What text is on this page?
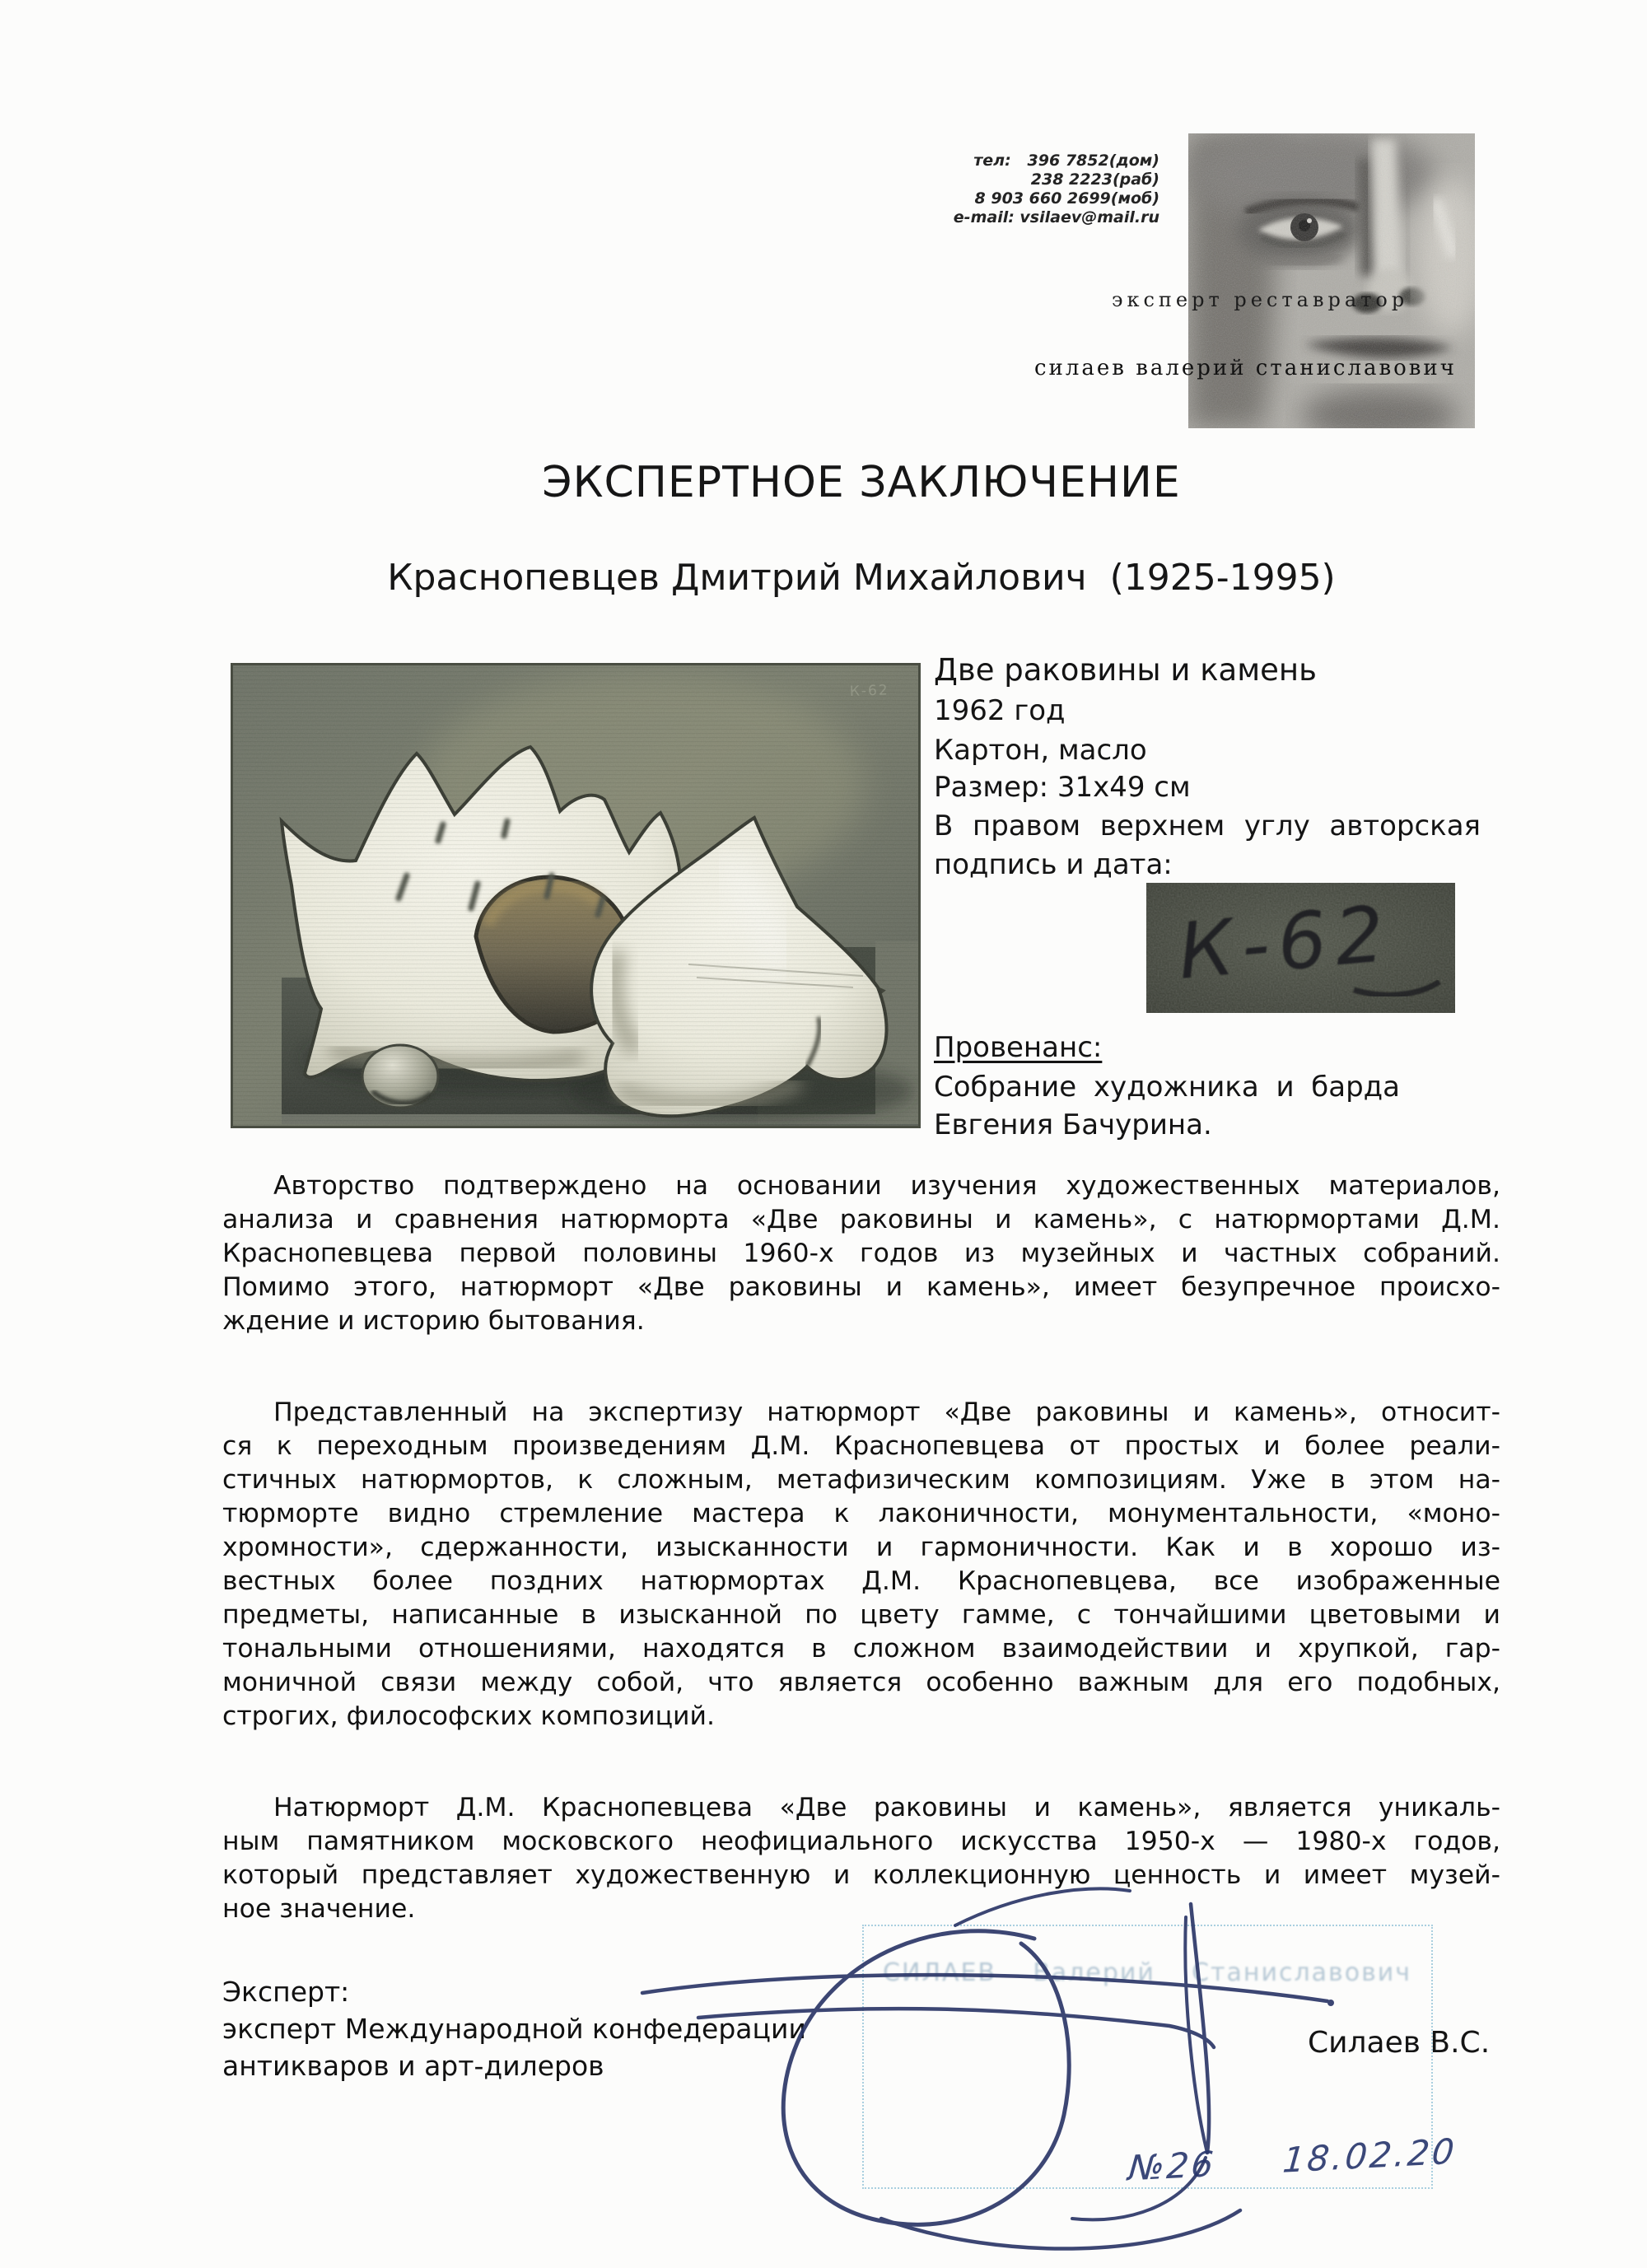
тел:   396 7852(дом)
238 2223(раб)
8 903 660 2699(моб)
e-mail: vsilaev@mail.ru
эксперт реставратор
силаев валерий станиславович
ЭКСПЕРТНОЕ ЗАКЛЮЧЕНИЕ
Краснопевцев Дмитрий Михайлович  (1925-1995)
Две раковины и камень
1962 год
Картон, масло
Размер: 31х49 см
В правом верхнем углу авторская
подпись и дата:
К-62
Провенанс:
Собрание художника и барда
Евгения Бачурина.
Авторство подтверждено на основании изучения художественных материалов,
анализа и сравнения натюрморта «Две раковины и камень», с натюрмортами Д.М.
Краснопевцева первой половины 1960-х годов из музейных и частных собраний.
Помимо этого, натюрморт «Две раковины и камень», имеет безупречное происхо-
ждение и историю бытования.
Представленный на экспертизу натюрморт «Две раковины и камень», относит-
ся к переходным произведениям Д.М. Краснопевцева от простых и более реали-
стичных натюрмортов, к сложным, метафизическим композициям. Уже в этом на-
тюрморте видно стремление мастера к лаконичности, монументальности, «моно-
хромности», сдержанности, изысканности и гармоничности. Как и в хорошо из-
вестных более поздних натюрмортах Д.М. Краснопевцева, все изображенные
предметы, написанные в изысканной по цвету гамме, с тончайшими цветовыми и
тональными отношениями, находятся в сложном взаимодействии и хрупкой, гар-
моничной связи между собой, что является особенно важным для его подобных,
строгих, философских композиций.
Натюрморт Д.М. Краснопевцева «Две раковины и камень», является уникаль-
ным памятником московского неофициального искусства 1950-х — 1980-х годов,
который представляет художественную и коллекционную ценность и имеет музей-
ное значение.
Эксперт:
эксперт Международной конфедерации
антикваров и арт-дилеров
СИЛАЕВ Валерий Станиславович
Силаев В.С.
№26     18.02.20
